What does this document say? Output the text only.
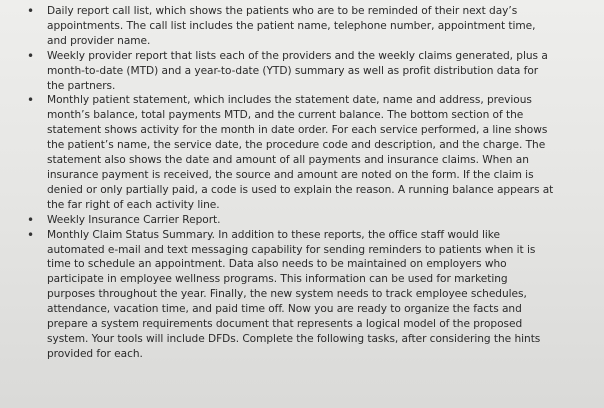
• Daily report call list, which shows the patients who are to be reminded of their next day’s
appointments. The call list includes the patient name, telephone number, appointment time,
and provider name.
• Weekly provider report that lists each of the providers and the weekly claims generated, plus a
month-to-date (MTD) and a year-to-date (YTD) summary as well as profit distribution data for
the partners.
• Monthly patient statement, which includes the statement date, name and address, previous
month’s balance, total payments MTD, and the current balance. The bottom section of the
statement shows activity for the month in date order. For each service performed, a line shows
the patient’s name, the service date, the procedure code and description, and the charge. The
statement also shows the date and amount of all payments and insurance claims. When an
insurance payment is received, the source and amount are noted on the form. If the claim is
denied or only partially paid, a code is used to explain the reason. A running balance appears at
the far right of each activity line.
• Weekly Insurance Carrier Report.
• Monthly Claim Status Summary. In addition to these reports, the office staff would like
automated e-mail and text messaging capability for sending reminders to patients when it is
time to schedule an appointment. Data also needs to be maintained on employers who
participate in employee wellness programs. This information can be used for marketing
purposes throughout the year. Finally, the new system needs to track employee schedules,
attendance, vacation time, and paid time off. Now you are ready to organize the facts and
prepare a system requirements document that represents a logical model of the proposed
system. Your tools will include DFDs. Complete the following tasks, after considering the hints
provided for each.
